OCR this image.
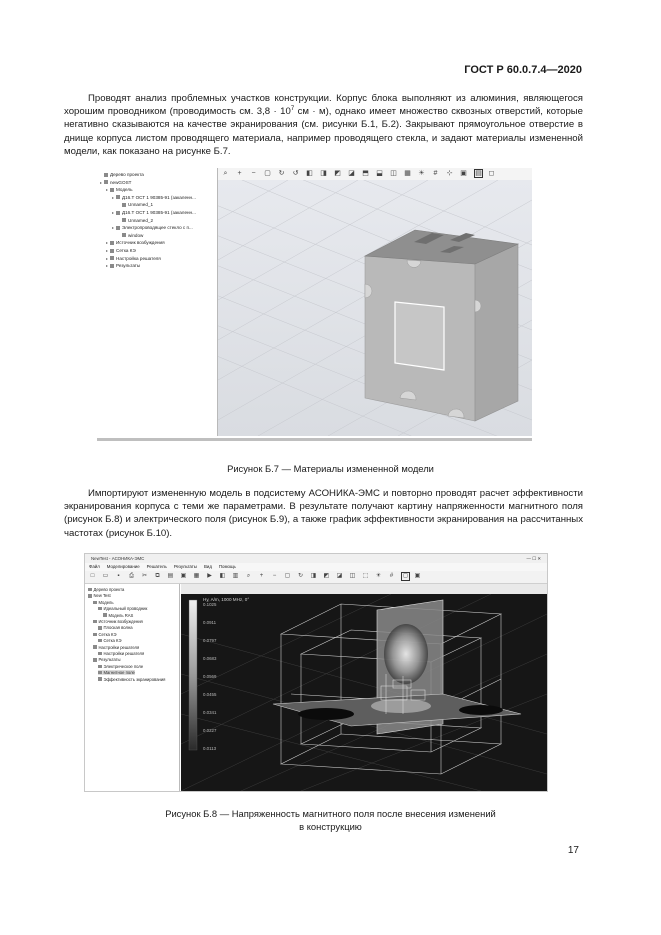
ГОСТ Р 60.0.7.4—2020
Проводят анализ проблемных участков конструкции. Корпус блока выполняют из алюминия, являющегося хорошим проводником (проводимость см. $3,8 \cdot 10^7$ см · м), однако имеет множество сквозных отверстий, которые негативно сказываются на качестве экранирования (см. рисунки Б.1, Б.2). Закрывают прямоугольное отверстие в днище корпуса листом проводящего материала, например проводящего стекла, и задают материалы измененной модели, как показано на рисунке Б.7.
Дерево проекта
▸	newGOST
▸	Модель
▸	Д16.Т ОСТ 1 90385-91 (закаленн...
Unnamed_1
▸	Д16.Т ОСТ 1 90385-91 (закаленн...
Unnamed_2
▸	Электропроводящее стекло с п...
window
▸	Источник возбуждения
▸	Сетка КЭ
▸	Настройка решателя
▸	Результаты
⌕ + − ▢ ↻ ↺ ◧ ◨ ◩ ◪ ⬒ ⬓ ◫ ▦ ☀ # ⊹ ▣ ▤ ◻
Рисунок Б.7 — Материалы измененной модели
Импортируют измененную модель в подсистему АСОНИКА-ЭМС и повторно проводят расчет эффективности экранирования корпуса с теми же параметрами. В результате получают картину напряженности магнитного поля (рисунок Б.8) и электрического поля (рисунок Б.9), а также график эффективности экранирования на рассчитанных частотах (рисунок Б.10).
NewTest - АСОНИКА-ЭМС	— ☐ ✕
Файл Моделирование Решатель Результаты Вид Помощь
□ ▭	▪	⎙ ✂ ⧉ ▤ ▣ ▦ ▶ ◧ ▥	⌕	+ − ▢ ↻ ◨ ◩ ◪ ◫ ⬚ ☀	#	◻	▣
Дерево проекта
New Test
Модель
Идеальный проводник
Модель RAS
Источник возбуждения
Плоская волна
Сетка КЭ
Сетка КЭ
Настройки решателя
Настройки решателя
Результаты
Электрическое поле
Магнитное поле
Эффективность экранирования
Hy, A/m, 1000 MHz, 0°
0.1025
0.0911
0.0797
0.0683
0.0569
0.0455
0.0341
0.0227
0.0113
Рисунок Б.8 — Напряженность магнитного поля после внесения изменений
в конструкцию
17
